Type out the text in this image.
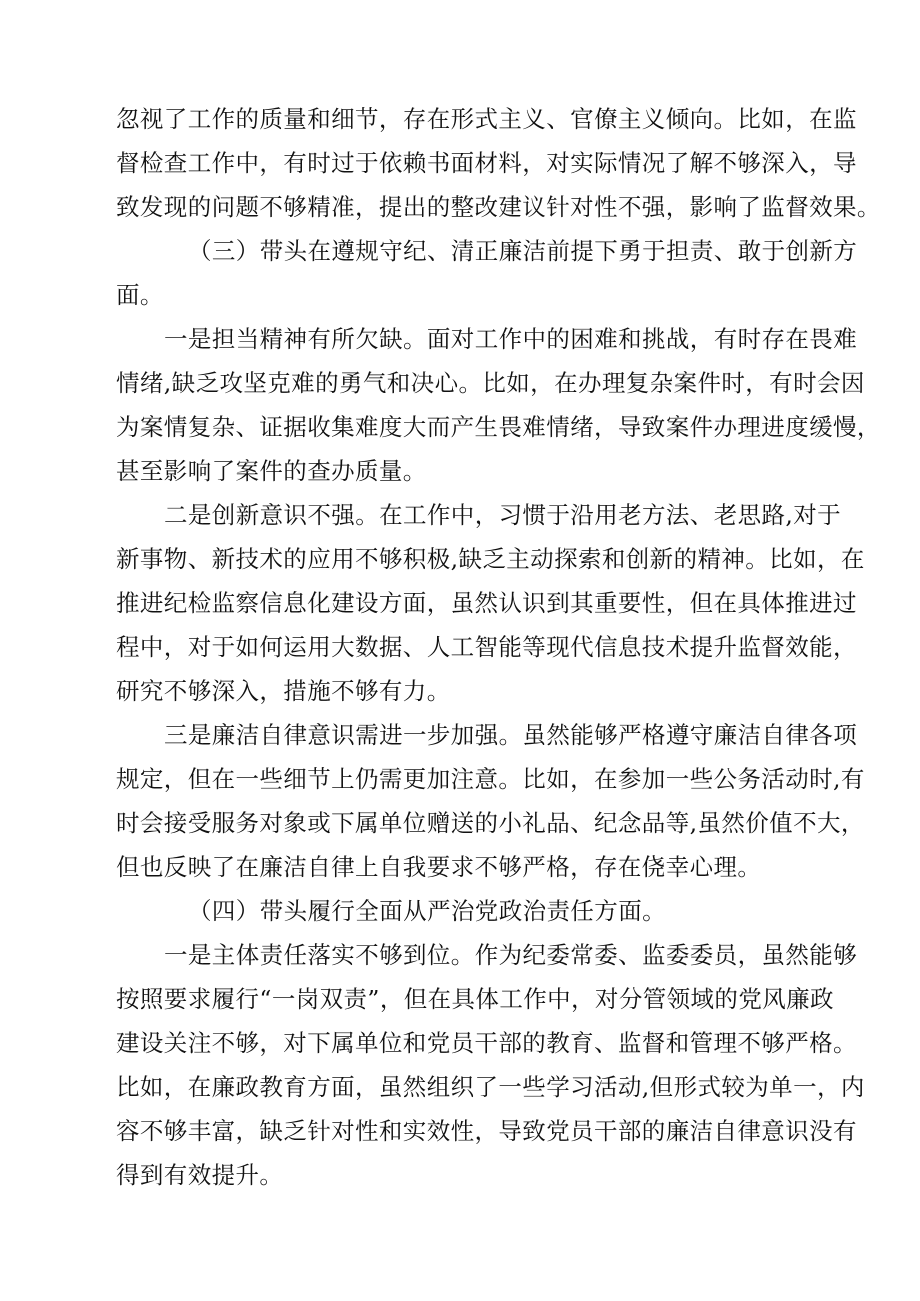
忽视了工作的质量和细节，存在形式主义、官僚主义倾向。比如，在监
督检查工作中，有时过于依赖书面材料，对实际情况了解不够深入，导
致发现的问题不够精准，提出的整改建议针对性不强，影响了监督效果。
（三）带头在遵规守纪、清正廉洁前提下勇于担责、敢于创新方
面。
一是担当精神有所欠缺。面对工作中的困难和挑战，有时存在畏难
情绪,缺乏攻坚克难的勇气和决心。比如，在办理复杂案件时，有时会因
为案情复杂、证据收集难度大而产生畏难情绪，导致案件办理进度缓慢，
甚至影响了案件的查办质量。
二是创新意识不强。在工作中，习惯于沿用老方法、老思路,对于
新事物、新技术的应用不够积极,缺乏主动探索和创新的精神。比如，在
推进纪检监察信息化建设方面，虽然认识到其重要性，但在具体推进过
程中，对于如何运用大数据、人工智能等现代信息技术提升监督效能，
研究不够深入，措施不够有力。
三是廉洁自律意识需进一步加强。虽然能够严格遵守廉洁自律各项
规定，但在一些细节上仍需更加注意。比如，在参加一些公务活动时,有
时会接受服务对象或下属单位赠送的小礼品、纪念品等,虽然价值不大，
但也反映了在廉洁自律上自我要求不够严格，存在侥幸心理。
（四）带头履行全面从严治党政治责任方面。
一是主体责任落实不够到位。作为纪委常委、监委委员，虽然能够
按照要求履行“一岗双责”，但在具体工作中，对分管领域的党风廉政
建设关注不够，对下属单位和党员干部的教育、监督和管理不够严格。
比如，在廉政教育方面，虽然组织了一些学习活动,但形式较为单一，内
容不够丰富，缺乏针对性和实效性，导致党员干部的廉洁自律意识没有
得到有效提升。
